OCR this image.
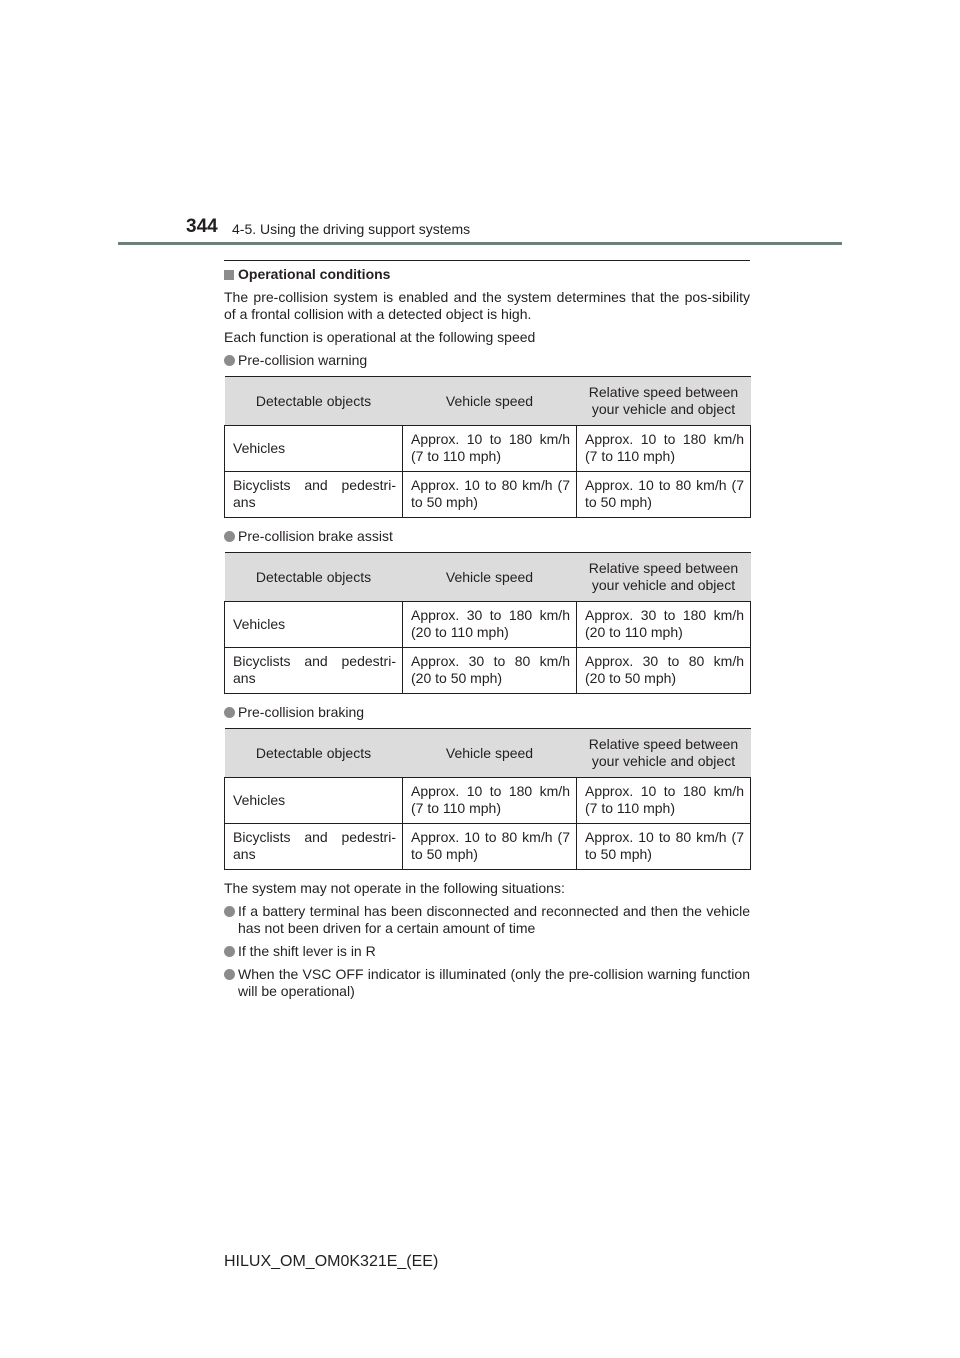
344 4-5. Using the driving support systems
Operational conditions

The pre-collision system is enabled and the system determines that the pos-sibility of a frontal collision with a detected object is high.

Each function is operational at the following speed

Pre-collision warning
Detectable objects	Vehicle speed	Relative speed between your vehicle and object
Vehicles	Approx. 10 to 180 km/h (7 to 110 mph)	Approx. 10 to 180 km/h (7 to 110 mph)
Bicyclists and pedestri-ans	Approx. 10 to 80 km/h (7 to 50 mph)	Approx. 10 to 80 km/h (7 to 50 mph)
Pre-collision brake assist
Detectable objects	Vehicle speed	Relative speed between your vehicle and object
Vehicles	Approx. 30 to 180 km/h (20 to 110 mph)	Approx. 30 to 180 km/h (20 to 110 mph)
Bicyclists and pedestri-ans	Approx. 30 to 80 km/h (20 to 50 mph)	Approx. 30 to 80 km/h (20 to 50 mph)
Pre-collision braking
Detectable objects	Vehicle speed	Relative speed between your vehicle and object
Vehicles	Approx. 10 to 180 km/h (7 to 110 mph)	Approx. 10 to 180 km/h (7 to 110 mph)
Bicyclists and pedestri-ans	Approx. 10 to 80 km/h (7 to 50 mph)	Approx. 10 to 80 km/h (7 to 50 mph)

The system may not operate in the following situations:

If a battery terminal has been disconnected and reconnected and then the vehicle has not been driven for a certain amount of time
If the shift lever is in R
When the VSC OFF indicator is illuminated (only the pre-collision warning function will be operational)
HILUX_OM_OM0K321E_(EE)
